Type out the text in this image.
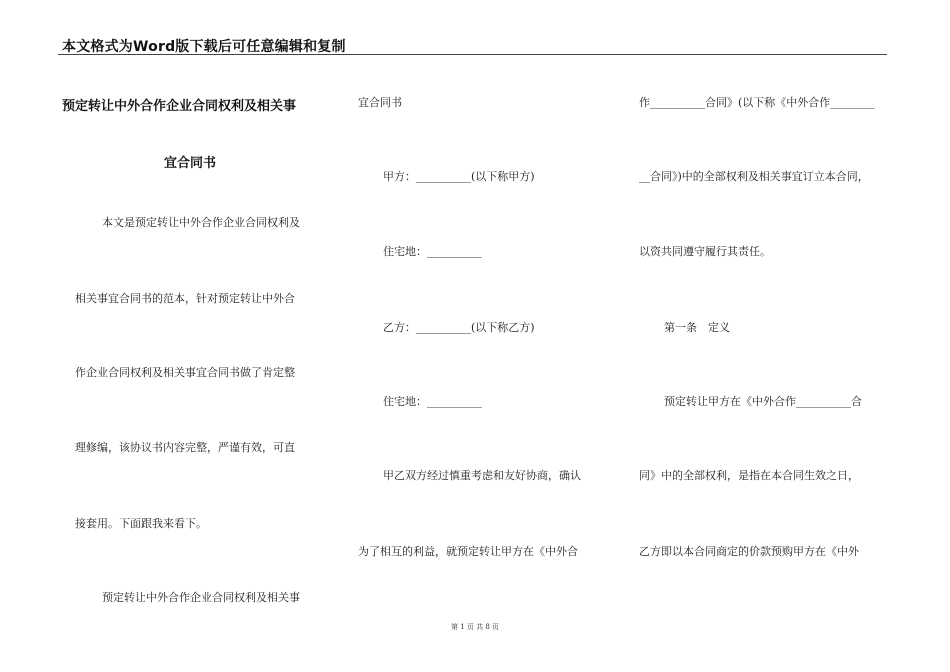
本文格式为Word版下载后可任意编辑和复制
预定转让中外合作企业合同权利及相关事
宜合同书
本文是预定转让中外合作企业合同权利及
相关事宜合同书的范本，针对预定转让中外合
作企业合同权利及相关事宜合同书做了肯定整
理修编，该协议书内容完整，严谨有效，可直
接套用。下面跟我来看下。
预定转让中外合作企业合同权利及相关事
宜合同书
甲方：__________(以下称甲方)
住宅地：__________
乙方：__________(以下称乙方)
住宅地：__________
甲乙双方经过慎重考虑和友好协商，确认
为了相互的利益，就预定转让甲方在《中外合
作__________合同》(以下称《中外合作________
__合同》)中的全部权利及相关事宜订立本合同，
以资共同遵守履行其责任。
第一条　定义
预定转让甲方在《中外合作__________合
同》中的全部权利，是指在本合同生效之日，
乙方即以本合同商定的价款预购甲方在《中外
第 1 页 共 8 页
